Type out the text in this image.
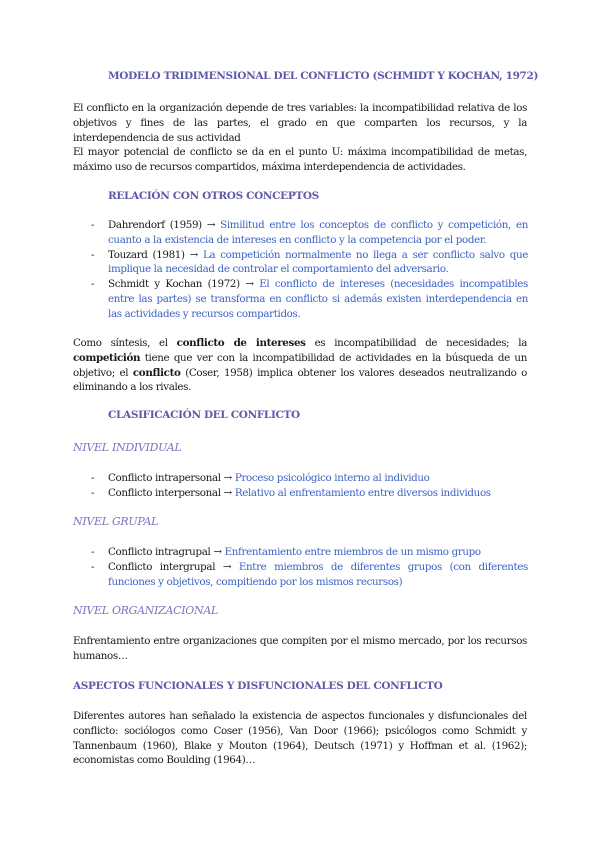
MODELO TRIDIMENSIONAL DEL CONFLICTO (SCHMIDT Y KOCHAN, 1972)

El conflicto en la organización depende de tres variables: la incompatibilidad relativa de los objetivos y fines de las partes, el grado en que comparten los recursos, y la interdependencia de sus actividad

El mayor potencial de conflicto se da en el punto U: máxima incompatibilidad de metas, máximo uso de recursos compartidos, máxima interdependencia de actividades.

RELACIÓN CON OTROS CONCEPTOS
- Dahrendorf (1959) → Similitud entre los conceptos de conflicto y competición, en cuanto a la existencia de intereses en conflicto y la competencia por el poder.
- Touzard (1981) → La competición normalmente no llega a ser conflicto salvo que implique la necesidad de controlar el comportamiento del adversario.
- Schmidt y Kochan (1972) → El conflicto de intereses (necesidades incompatibles entre las partes) se transforma en conflicto si además existen interdependencia en las actividades y recursos compartidos.

Como síntesis, el conflicto de intereses es incompatibilidad de necesidades; la competición tiene que ver con la incompatibilidad de actividades en la búsqueda de un objetivo; el conflicto (Coser, 1958) implica obtener los valores deseados neutralizando o eliminando a los rivales.

CLASIFICACIÓN DEL CONFLICTO
NIVEL INDIVIDUAL
- Conflicto intrapersonal → Proceso psicológico interno al individuo
- Conflicto interpersonal → Relativo al enfrentamiento entre diversos individuos
NIVEL GRUPAL
- Conflicto intragrupal → Enfrentamiento entre miembros de un mismo grupo
- Conflicto intergrupal → Entre miembros de diferentes grupos (con diferentes funciones y objetivos, compitiendo por los mismos recursos)
NIVEL ORGANIZACIONAL

Enfrentamiento entre organizaciones que compiten por el mismo mercado, por los recursos humanos…

ASPECTOS FUNCIONALES Y DISFUNCIONALES DEL CONFLICTO

Diferentes autores han señalado la existencia de aspectos funcionales y disfuncionales del conflicto: sociólogos como Coser (1956), Van Door (1966); psicólogos como Schmidt y Tannenbaum (1960), Blake y Mouton (1964), Deutsch (1971) y Hoffman et al. (1962); economistas como Boulding (1964)…
